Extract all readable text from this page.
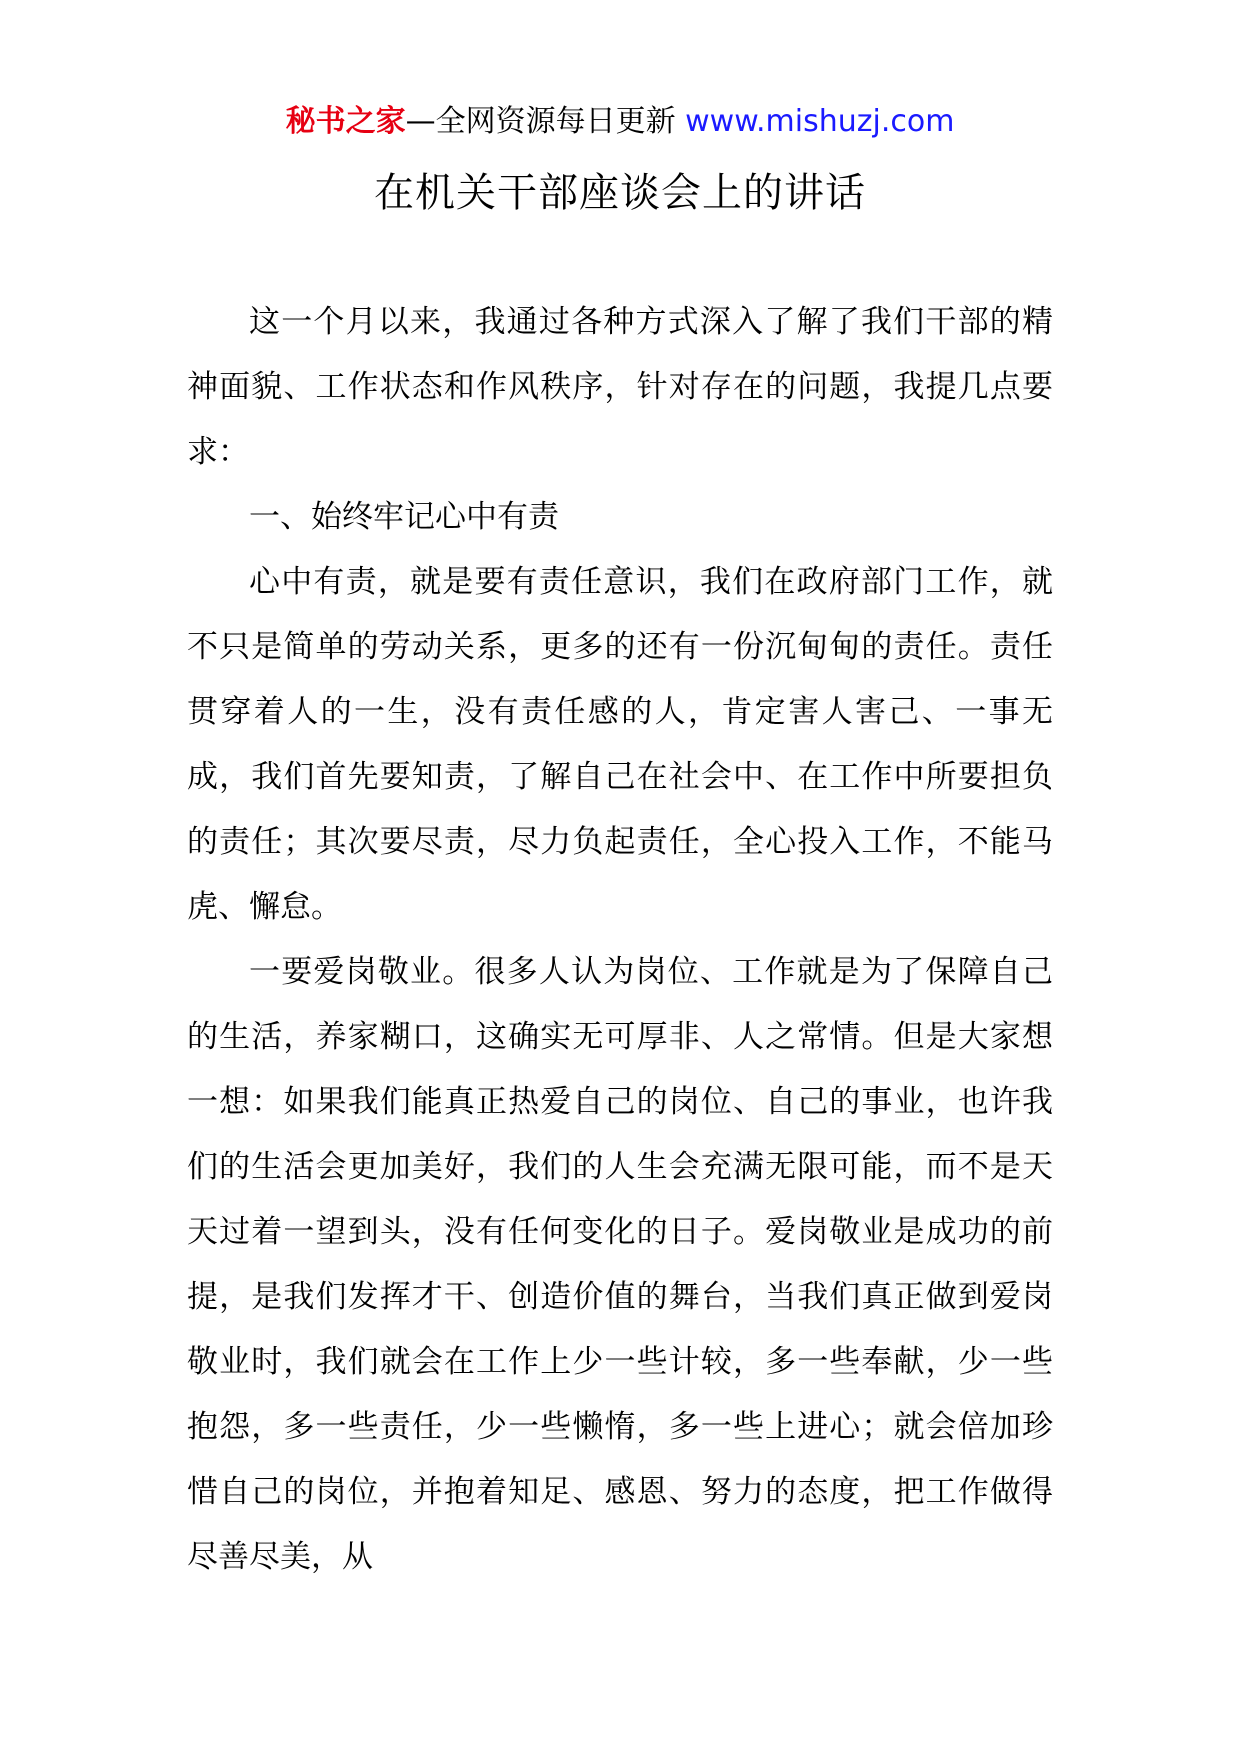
秘书之家—全网资源每日更新 www.mishuzj.com
在机关干部座谈会上的讲话

这一个月以来，我通过各种方式深入了解了我们干部的精神面貌、工作状态和作风秩序，针对存在的问题，我提几点要求：

一、始终牢记心中有责

心中有责，就是要有责任意识，我们在政府部门工作，就不只是简单的劳动关系，更多的还有一份沉甸甸的责任。责任贯穿着人的一生，没有责任感的人，肯定害人害己、一事无成，我们首先要知责，了解自己在社会中、在工作中所要担负的责任；其次要尽责，尽力负起责任，全心投入工作，不能马虎、懈怠。

一要爱岗敬业。很多人认为岗位、工作就是为了保障自己的生活，养家糊口，这确实无可厚非、人之常情。但是大家想一想：如果我们能真正热爱自己的岗位、自己的事业，也许我们的生活会更加美好，我们的人生会充满无限可能，而不是天天过着一望到头，没有任何变化的日子。爱岗敬业是成功的前提，是我们发挥才干、创造价值的舞台，当我们真正做到爱岗敬业时，我们就会在工作上少一些计较，多一些奉献，少一些抱怨，多一些责任，少一些懒惰，多一些上进心；就会倍加珍惜自己的岗位，并抱着知足、感恩、努力的态度，把工作做得尽善尽美，从
